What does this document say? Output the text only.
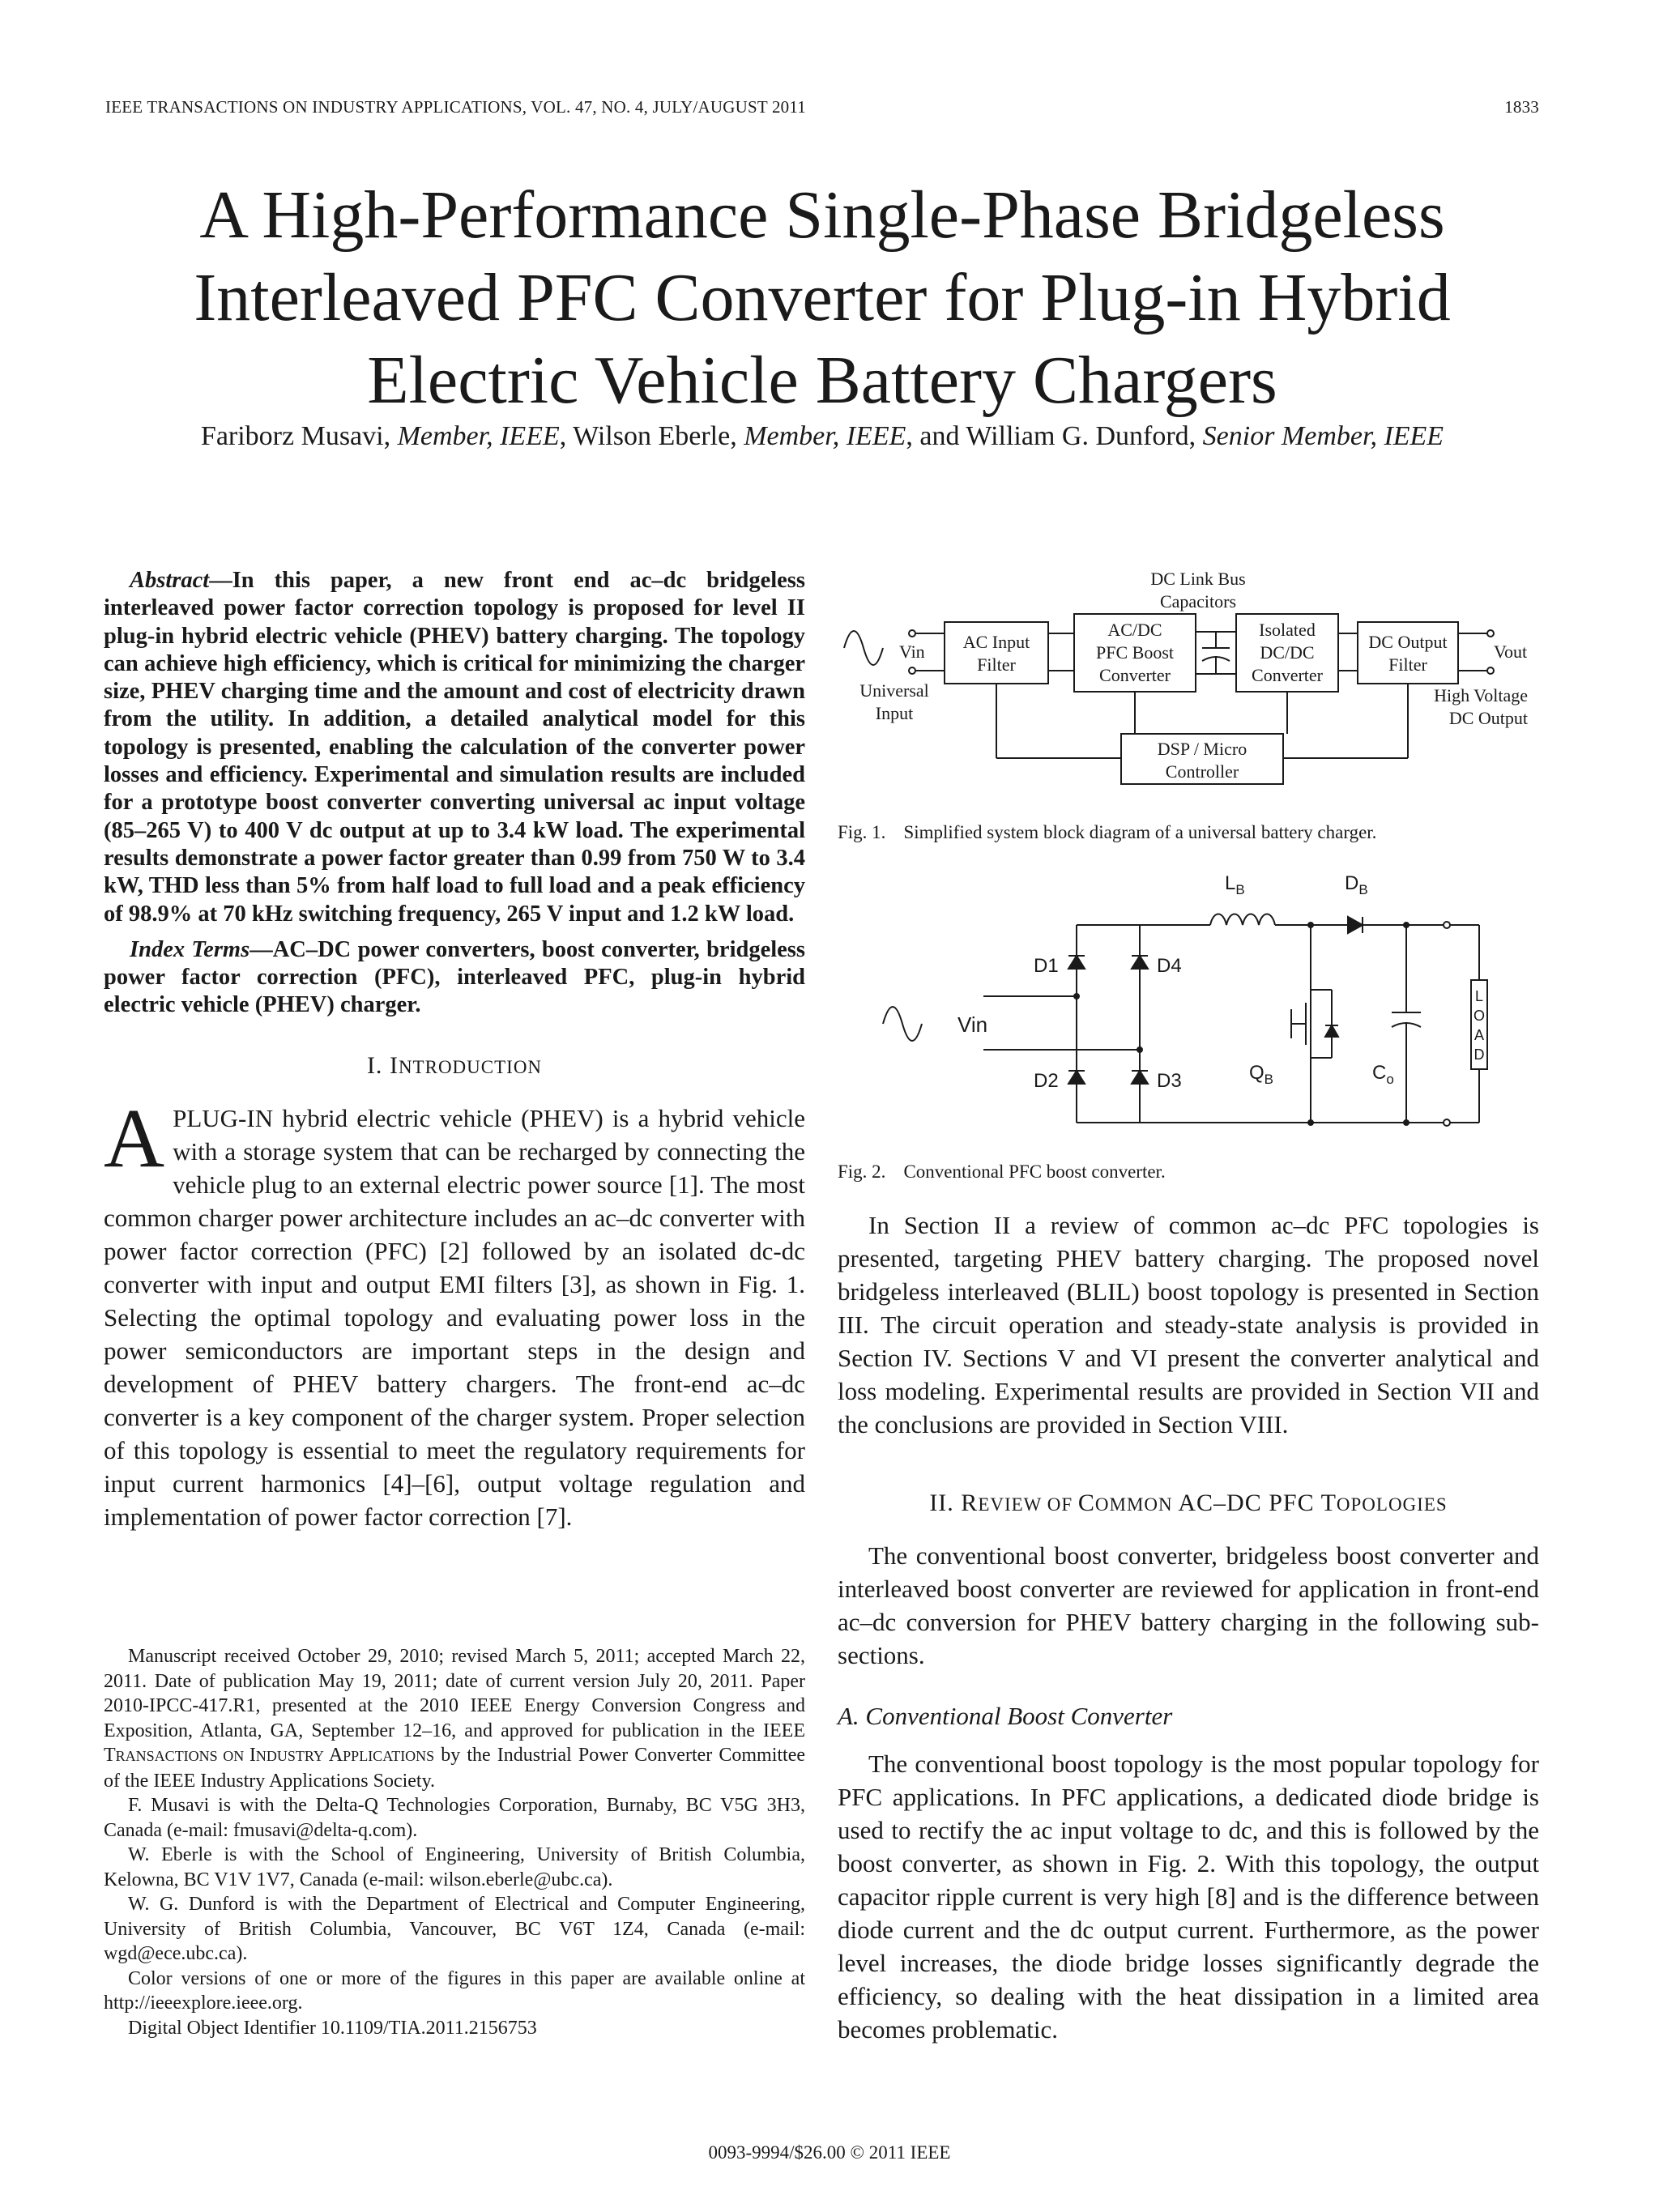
IEEE TRANSACTIONS ON INDUSTRY APPLICATIONS, VOL. 47, NO. 4, JULY/AUGUST 2011	1833
A High-Performance Single-Phase Bridgeless
Interleaved PFC Converter for Plug-in Hybrid
Electric Vehicle Battery Chargers
Fariborz Musavi, Member, IEEE, Wilson Eberle, Member, IEEE, and William G. Dunford, Senior Member, IEEE
Abstract—In this paper, a new front end ac–dc bridgeless interleaved power factor correction topology is proposed for level II plug-in hybrid electric vehicle (PHEV) battery charging. The topology can achieve high efficiency, which is critical for minimizing the charger size, PHEV charging time and the amount and cost of electricity drawn from the utility. In addition, a detailed analytical model for this topology is presented, enabling the calculation of the converter power losses and efficiency. Experimental and simulation results are included for a prototype boost converter converting universal ac input voltage (85–265 V) to 400 V dc output at up to 3.4 kW load. The experimental results demonstrate a power factor greater than 0.99 from 750 W to 3.4 kW, THD less than 5% from half load to full load and a peak efficiency of 98.9% at 70 kHz switching frequency, 265 V input and 1.2 kW load.
Index Terms—AC–DC power converters, boost converter, bridgeless power factor correction (PFC), interleaved PFC, plug-in hybrid electric vehicle (PHEV) charger.
I. INTRODUCTION

APLUG-IN hybrid electric vehicle (PHEV) is a hybrid vehicle with a storage system that can be recharged by connecting the vehicle plug to an external electric power source [1]. The most common charger power architecture includes an ac–dc converter with power factor correction (PFC) [2] followed by an isolated dc-dc converter with input and output EMI filters [3], as shown in Fig. 1. Selecting the optimal topology and evaluating power loss in the power semiconductors are important steps in the design and development of PHEV battery chargers. The front-end ac–dc converter is a key component of the charger system. Proper selection of this topology is essential to meet the regulatory requirements for input current harmonics [4]–[6], output voltage regulation and implementation of power factor correction [7].

Manuscript received October 29, 2010; revised March 5, 2011; accepted March 22, 2011. Date of publication May 19, 2011; date of current version July 20, 2011. Paper 2010-IPCC-417.R1, presented at the 2010 IEEE Energy Conversion Congress and Exposition, Atlanta, GA, September 12–16, and approved for publication in the IEEE TRANSACTIONS ON INDUSTRY APPLICATIONS by the Industrial Power Converter Committee of the IEEE Industry Applications Society.

F. Musavi is with the Delta-Q Technologies Corporation, Burnaby, BC V5G 3H3, Canada (e-mail: fmusavi@delta-q.com).

W. Eberle is with the School of Engineering, University of British Columbia, Kelowna, BC V1V 1V7, Canada (e-mail: wilson.eberle@ubc.ca).

W. G. Dunford is with the Department of Electrical and Computer Engineering, University of British Columbia, Vancouver, BC V6T 1Z4, Canada (e-mail: wgd@ece.ubc.ca).

Color versions of one or more of the figures in this paper are available online at http://ieeexplore.ieee.org.

Digital Object Identifier 10.1109/TIA.2011.2156753

DC Link Bus
Capacitors
Vin
Universal
Input
AC Input
Filter
AC/DC
PFC Boost
Converter
Isolated
DC/DC
Converter
DC Output
Filter
Vout
High Voltage
DC Output
DSP / Micro
Controller
Fig. 1. Simplified system block diagram of a universal battery charger.
$L_B$	$D_B$
D1
D2
D4
D3
Vin
$Q_B$	$C_o$
L
O
A
D
Fig. 2. Conventional PFC boost converter.

In Section II a review of common ac–dc PFC topologies is presented, targeting PHEV battery charging. The proposed novel bridgeless interleaved (BLIL) boost topology is presented in Section III. The circuit operation and steady-state analysis is provided in Section IV. Sections V and VI present the converter analytical and loss modeling. Experimental results are provided in Section VII and the conclusions are provided in Section VIII.

II. REVIEW OF COMMON AC–DC PFC TOPOLOGIES

The conventional boost converter, bridgeless boost converter and interleaved boost converter are reviewed for application in front-end ac–dc conversion for PHEV battery charging in the following sub-sections.

A. Conventional Boost Converter

The conventional boost topology is the most popular topology for PFC applications. In PFC applications, a dedicated diode bridge is used to rectify the ac input voltage to dc, and this is followed by the boost converter, as shown in Fig. 2. With this topology, the output capacitor ripple current is very high [8] and is the difference between diode current and the dc output current. Furthermore, as the power level increases, the diode bridge losses significantly degrade the efficiency, so dealing with the heat dissipation in a limited area becomes problematic.

0093-9994/$26.00 © 2011 IEEE
